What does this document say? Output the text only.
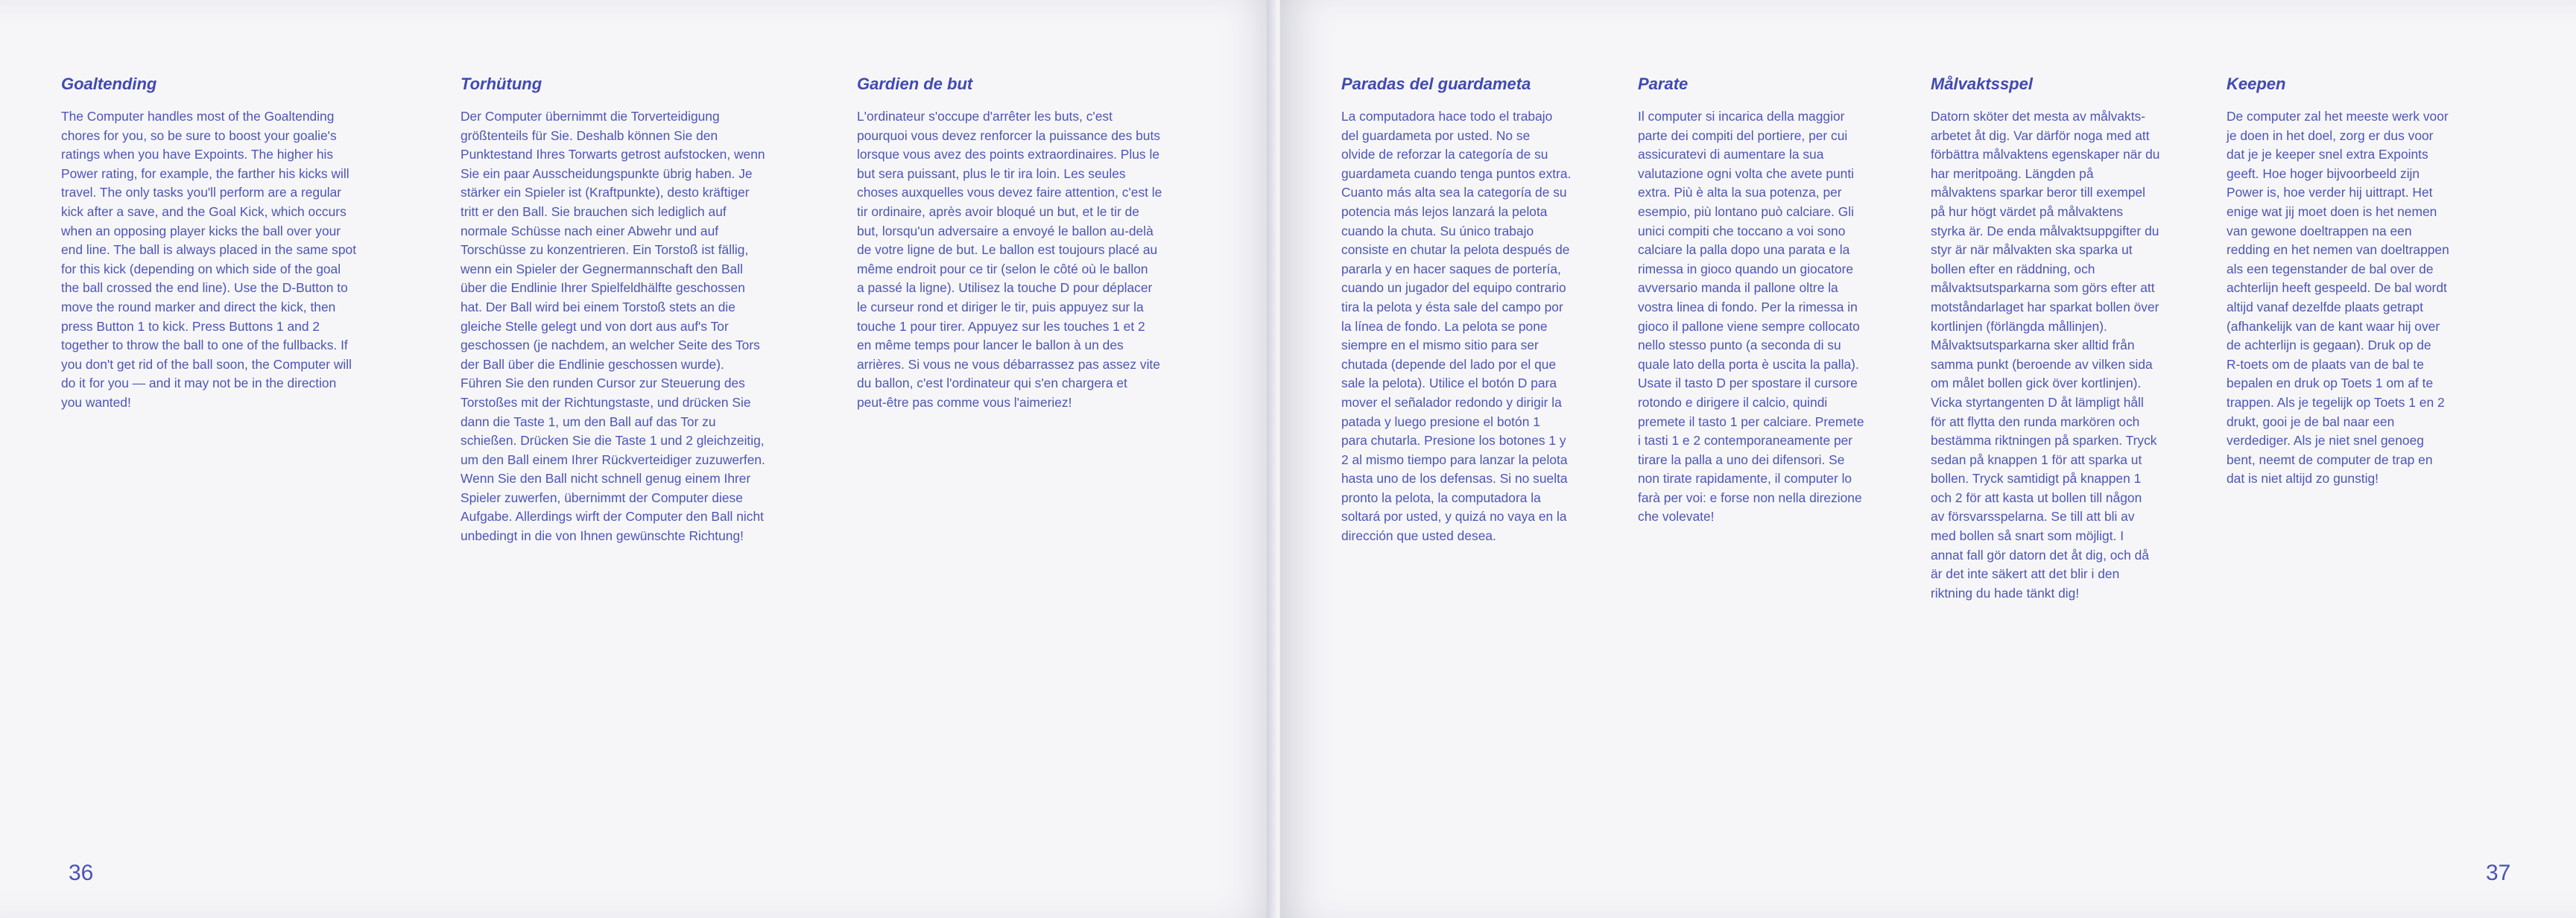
Goaltending

The Computer handles most of the Goaltending
chores for you, so be sure to boost your goalie's
ratings when you have Expoints. The higher his
Power rating, for example, the farther his kicks will
travel. The only tasks you'll perform are a regular
kick after a save, and the Goal Kick, which occurs
when an opposing player kicks the ball over your
end line. The ball is always placed in the same spot
for this kick (depending on which side of the goal
the ball crossed the end line). Use the D-Button to
move the round marker and direct the kick, then
press Button 1 to kick. Press Buttons 1 and 2
together to throw the ball to one of the fullbacks. If
you don't get rid of the ball soon, the Computer will
do it for you — and it may not be in the direction
you wanted!

Torhütung

Der Computer übernimmt die Torverteidigung
größtenteils für Sie. Deshalb können Sie den
Punktestand Ihres Torwarts getrost aufstocken, wenn
Sie ein paar Ausscheidungspunkte übrig haben. Je
stärker ein Spieler ist (Kraftpunkte), desto kräftiger
tritt er den Ball. Sie brauchen sich lediglich auf
normale Schüsse nach einer Abwehr und auf
Torschüsse zu konzentrieren. Ein Torstoß ist fällig,
wenn ein Spieler der Gegnermannschaft den Ball
über die Endlinie Ihrer Spielfeldhälfte geschossen
hat. Der Ball wird bei einem Torstoß stets an die
gleiche Stelle gelegt und von dort aus auf's Tor
geschossen (je nachdem, an welcher Seite des Tors
der Ball über die Endlinie geschossen wurde).
Führen Sie den runden Cursor zur Steuerung des
Torstoßes mit der Richtungstaste, und drücken Sie
dann die Taste 1, um den Ball auf das Tor zu
schießen. Drücken Sie die Taste 1 und 2 gleichzeitig,
um den Ball einem Ihrer Rückverteidiger zuzuwerfen.
Wenn Sie den Ball nicht schnell genug einem Ihrer
Spieler zuwerfen, übernimmt der Computer diese
Aufgabe. Allerdings wirft der Computer den Ball nicht
unbedingt in die von Ihnen gewünschte Richtung!

Gardien de but

L'ordinateur s'occupe d'arrêter les buts, c'est
pourquoi vous devez renforcer la puissance des buts
lorsque vous avez des points extraordinaires. Plus le
but sera puissant, plus le tir ira loin. Les seules
choses auxquelles vous devez faire attention, c'est le
tir ordinaire, après avoir bloqué un but, et le tir de
but, lorsqu'un adversaire a envoyé le ballon au-delà
de votre ligne de but. Le ballon est toujours placé au
même endroit pour ce tir (selon le côté où le ballon
a passé la ligne). Utilisez la touche D pour déplacer
le curseur rond et diriger le tir, puis appuyez sur la
touche 1 pour tirer. Appuyez sur les touches 1 et 2
en même temps pour lancer le ballon à un des
arrières. Si vous ne vous débarrassez pas assez vite
du ballon, c'est l'ordinateur qui s'en chargera et
peut-être pas comme vous l'aimeriez!

36
Paradas del guardameta

La computadora hace todo el trabajo
del guardameta por usted. No se
olvide de reforzar la categoría de su
guardameta cuando tenga puntos extra.
Cuanto más alta sea la categoría de su
potencia más lejos lanzará la pelota
cuando la chuta. Su único trabajo
consiste en chutar la pelota después de
pararla y en hacer saques de portería,
cuando un jugador del equipo contrario
tira la pelota y ésta sale del campo por
la línea de fondo. La pelota se pone
siempre en el mismo sitio para ser
chutada (depende del lado por el que
sale la pelota). Utilice el botón D para
mover el señalador redondo y dirigir la
patada y luego presione el botón 1
para chutarla. Presione los botones 1 y
2 al mismo tiempo para lanzar la pelota
hasta uno de los defensas. Si no suelta
pronto la pelota, la computadora la
soltará por usted, y quizá no vaya en la
dirección que usted desea.

Parate

Il computer si incarica della maggior
parte dei compiti del portiere, per cui
assicuratevi di aumentare la sua
valutazione ogni volta che avete punti
extra. Più è alta la sua potenza, per
esempio, più lontano può calciare. Gli
unici compiti che toccano a voi sono
calciare la palla dopo una parata e la
rimessa in gioco quando un giocatore
avversario manda il pallone oltre la
vostra linea di fondo. Per la rimessa in
gioco il pallone viene sempre collocato
nello stesso punto (a seconda di su
quale lato della porta è uscita la palla).
Usate il tasto D per spostare il cursore
rotondo e dirigere il calcio, quindi
premete il tasto 1 per calciare. Premete
i tasti 1 e 2 contemporaneamente per
tirare la palla a uno dei difensori. Se
non tirate rapidamente, il computer lo
farà per voi: e forse non nella direzione
che volevate!

Målvaktsspel

Datorn sköter det mesta av målvakts-
arbetet åt dig. Var därför noga med att
förbättra målvaktens egenskaper när du
har meritpoäng. Längden på
målvaktens sparkar beror till exempel
på hur högt värdet på målvaktens
styrka är. De enda målvaktsuppgifter du
styr är när målvakten ska sparka ut
bollen efter en räddning, och
målvaktsutsparkarna som görs efter att
motståndarlaget har sparkat bollen över
kortlinjen (förlängda mållinjen).
Målvaktsutsparkarna sker alltid från
samma punkt (beroende av vilken sida
om målet bollen gick över kortlinjen).
Vicka styrtangenten D åt lämpligt håll
för att flytta den runda markören och
bestämma riktningen på sparken. Tryck
sedan på knappen 1 för att sparka ut
bollen. Tryck samtidigt på knappen 1
och 2 för att kasta ut bollen till någon
av försvarsspelarna. Se till att bli av
med bollen så snart som möjligt. I
annat fall gör datorn det åt dig, och då
är det inte säkert att det blir i den
riktning du hade tänkt dig!

Keepen

De computer zal het meeste werk voor
je doen in het doel, zorg er dus voor
dat je je keeper snel extra Expoints
geeft. Hoe hoger bijvoorbeeld zijn
Power is, hoe verder hij uittrapt. Het
enige wat jij moet doen is het nemen
van gewone doeltrappen na een
redding en het nemen van doeltrappen
als een tegenstander de bal over de
achterlijn heeft gespeeld. De bal wordt
altijd vanaf dezelfde plaats getrapt
(afhankelijk van de kant waar hij over
de achterlijn is gegaan). Druk op de
R-toets om de plaats van de bal te
bepalen en druk op Toets 1 om af te
trappen. Als je tegelijk op Toets 1 en 2
drukt, gooi je de bal naar een
verdediger. Als je niet snel genoeg
bent, neemt de computer de trap en
dat is niet altijd zo gunstig!

37
